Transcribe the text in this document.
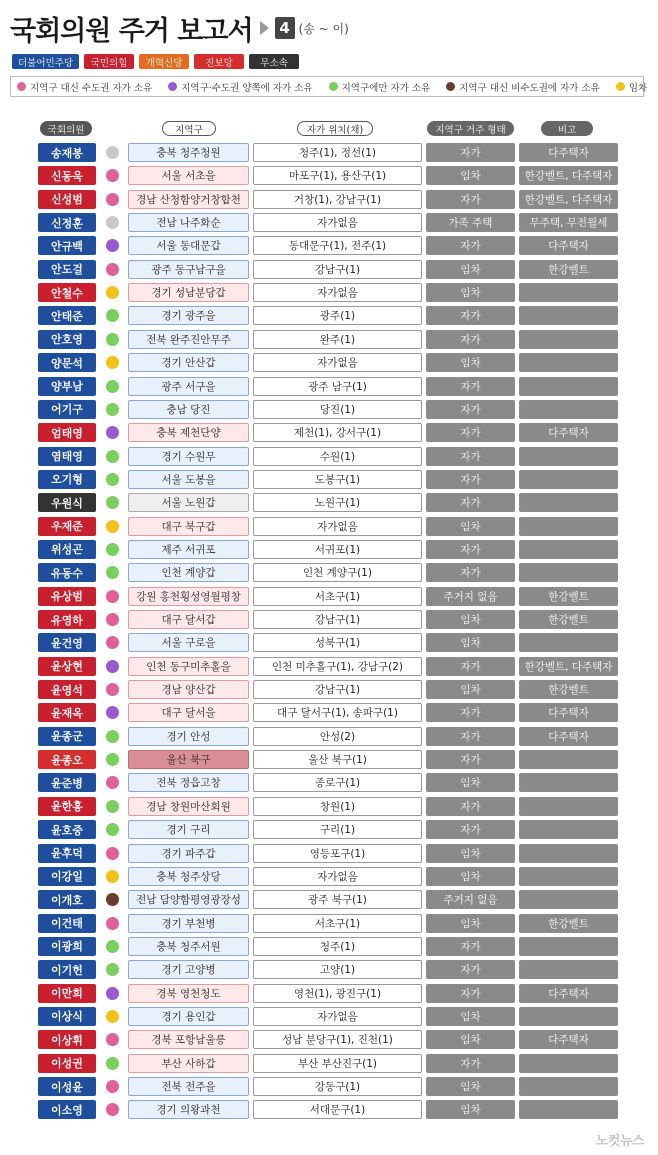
국회의원 주거 보고서	4 (송 ~ 이)
더불어민주당	국민의힘	개혁신당	진보당	무소속
지역구 대신 수도권 자가 소유	지역구·수도권 양쪽에 자가 소유	지역구에만 자가 소유	지역구 대신 비수도권에 자가 소유	임차
국회의원	지역구	자가 위치(채)	지역구 거주 형태	비고
송재봉	충북 청주청원	청주(1), 정선(1)	자가	다주택자
신동욱	서울 서초을	마포구(1), 용산구(1)	임차	한강벨트, 다주택자
신성범	경남 산청함양거창합천	거창(1), 강남구(1)	자가	한강벨트, 다주택자
신정훈	전남 나주화순	자가없음	가족 주택	무주택, 무전월세
안규백	서울 동대문갑	동대문구(1), 전주(1)	자가	다주택자
안도걸	광주 동구남구을	강남구(1)	임차	한강벨트
안철수	경기 성남분당갑	자가없음	임차
안태준	경기 광주을	광주(1)	자가
안호영	전북 완주진안무주	완주(1)	자가
양문석	경기 안산갑	자가없음	임차
양부남	광주 서구을	광주 남구(1)	자가
어기구	충남 당진	당진(1)	자가
엄태영	충북 제천단양	제천(1), 강서구(1)	자가	다주택자
염태영	경기 수원무	수원(1)	자가
오기형	서울 도봉을	도봉구(1)	자가
우원식	서울 노원갑	노원구(1)	자가
우재준	대구 북구갑	자가없음	임차
위성곤	제주 서귀포	서귀포(1)	자가
유동수	인천 계양갑	인천 계양구(1)	자가
유상범	강원 홍천횡성영월평창	서초구(1)	주거지 없음	한강벨트
유영하	대구 달서갑	강남구(1)	임차	한강벨트
윤건영	서울 구로을	성북구(1)	임차
윤상현	인천 동구미추홀을	인천 미추홀구(1), 강남구(2)	자가	한강벨트, 다주택자
윤영석	경남 양산갑	강남구(1)	임차	한강벨트
윤재옥	대구 달서을	대구 달서구(1), 송파구(1)	자가	다주택자
윤종군	경기 안성	안성(2)	자가	다주택자
윤종오	울산 북구	울산 북구(1)	자가
윤준병	전북 정읍고창	종로구(1)	임차
윤한홍	경남 창원마산회원	창원(1)	자가
윤호중	경기 구리	구리(1)	자가
윤후덕	경기 파주갑	영등포구(1)	임차
이강일	충북 청주상당	자가없음	임차
이개호	전남 담양함평영광장성	광주 북구(1)	주거지 없음
이건태	경기 부천병	서초구(1)	임차	한강벨트
이광희	충북 청주서원	청주(1)	자가
이기헌	경기 고양병	고양(1)	자가
이만희	경북 영천청도	영천(1), 광진구(1)	자가	다주택자
이상식	경기 용인갑	자가없음	임차
이상휘	경북 포항남울릉	성남 분당구(1), 진천(1)	임차	다주택자
이성권	부산 사하갑	부산 부산진구(1)	자가
이성윤	전북 전주을	강동구(1)	임차
이소영	경기 의왕과천	서대문구(1)	임차
노컷뉴스
